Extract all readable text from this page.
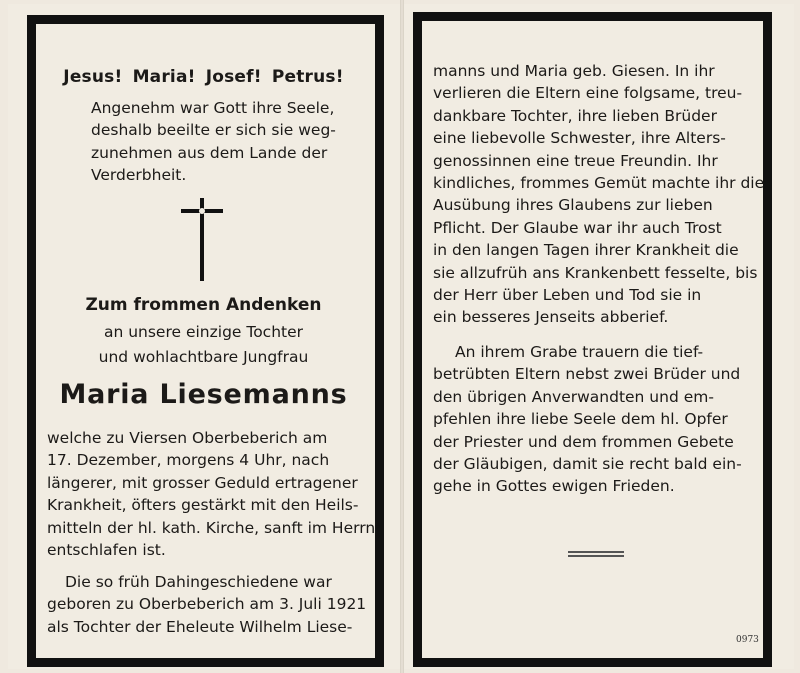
Jesus! Maria! Josef! Petrus!
Angenehm war Gott ihre Seele,
deshalb beeilte er sich sie weg-
zunehmen aus dem Lande der
Verderbheit.
Zum frommen Andenken
an unsere einzige Tochter
und wohlachtbare Jungfrau
Maria Liesemanns
welche zu Viersen Oberbeberich am
17. Dezember, morgens 4 Uhr, nach
längerer, mit grosser Geduld ertragener
Krankheit, öfters gestärkt mit den Heils-
mitteln der hl. kath. Kirche, sanft im Herrn
entschlafen ist.
Die so früh Dahingeschiedene war
geboren zu Oberbeberich am 3. Juli 1921
als Tochter der Eheleute Wilhelm Liese-
manns und Maria geb. Giesen. In ihr
verlieren die Eltern eine folgsame, treu-
dankbare Tochter, ihre lieben Brüder
eine liebevolle Schwester, ihre Alters-
genossinnen eine treue Freundin. Ihr
kindliches, frommes Gemüt machte ihr die
Ausübung ihres Glaubens zur lieben
Pflicht. Der Glaube war ihr auch Trost
in den langen Tagen ihrer Krankheit die
sie allzufrüh ans Krankenbett fesselte, bis
der Herr über Leben und Tod sie in
ein besseres Jenseits abberief.
An ihrem Grabe trauern die tief-
betrübten Eltern nebst zwei Brüder und
den übrigen Anverwandten und em-
pfehlen ihre liebe Seele dem hl. Opfer
der Priester und dem frommen Gebete
der Gläubigen, damit sie recht bald ein-
gehe in Gottes ewigen Frieden.
0973
